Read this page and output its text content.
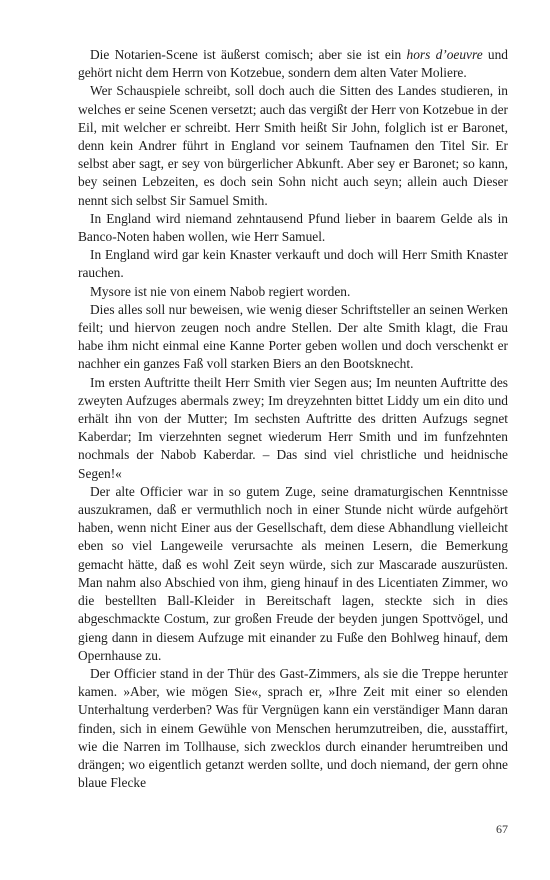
Die Notarien-Scene ist äußerst comisch; aber sie ist ein hors d’oeuvre und gehört nicht dem Herrn von Kotzebue, sondern dem alten Vater Moliere.

Wer Schauspiele schreibt, soll doch auch die Sitten des Landes studieren, in welches er seine Scenen versetzt; auch das vergißt der Herr von Kotzebue in der Eil, mit welcher er schreibt. Herr Smith heißt Sir John, folglich ist er Baronet, denn kein Andrer führt in England vor seinem Taufnamen den Titel Sir. Er selbst aber sagt, er sey von bürgerlicher Abkunft. Aber sey er Baronet; so kann, bey seinen Lebzeiten, es doch sein Sohn nicht auch seyn; allein auch Dieser nennt sich selbst Sir Samuel Smith.

In England wird niemand zehntausend Pfund lieber in baarem Gelde als in Banco-Noten haben wollen, wie Herr Samuel.

In England wird gar kein Knaster verkauft und doch will Herr Smith Knaster rauchen.

Mysore ist nie von einem Nabob regiert worden.

Dies alles soll nur beweisen, wie wenig dieser Schriftsteller an seinen Werken feilt; und hiervon zeugen noch andre Stellen. Der alte Smith klagt, die Frau habe ihm nicht einmal eine Kanne Porter geben wollen und doch verschenkt er nachher ein ganzes Faß voll starken Biers an den Bootsknecht.

Im ersten Auftritte theilt Herr Smith vier Segen aus; Im neunten Auftritte des zweyten Aufzuges abermals zwey; Im dreyzehnten bittet Liddy um ein dito und erhält ihn von der Mutter; Im sechsten Auftritte des dritten Aufzugs segnet Kaberdar; Im vierzehnten segnet wiederum Herr Smith und im funfzehnten nochmals der Nabob Kaberdar. – Das sind viel christliche und heidnische Segen!«

Der alte Officier war in so gutem Zuge, seine dramaturgischen Kenntnisse auszukramen, daß er vermuthlich noch in einer Stunde nicht würde aufgehört haben, wenn nicht Einer aus der Gesellschaft, dem diese Abhandlung vielleicht eben so viel Langeweile verursachte als meinen Lesern, die Bemerkung gemacht hätte, daß es wohl Zeit seyn würde, sich zur Mascarade auszurüsten. Man nahm also Abschied von ihm, gieng hinauf in des Licentiaten Zimmer, wo die bestellten Ball-Kleider in Bereitschaft lagen, steckte sich in dies abgeschmackte Costum, zur großen Freude der beyden jungen Spottvögel, und gieng dann in diesem Aufzuge mit einander zu Fuße den Bohlweg hinauf, dem Opernhause zu.

Der Officier stand in der Thür des Gast-Zimmers, als sie die Treppe herunter kamen. »Aber, wie mögen Sie«, sprach er, »Ihre Zeit mit einer so elenden Unterhaltung verderben? Was für Vergnügen kann ein verständiger Mann daran finden, sich in einem Gewühle von Menschen herumzutreiben, die, ausstaffirt, wie die Narren im Tollhause, sich zwecklos durch einander herumtreiben und drängen; wo eigentlich getanzt werden sollte, und doch niemand, der gern ohne blaue Flecke

67
